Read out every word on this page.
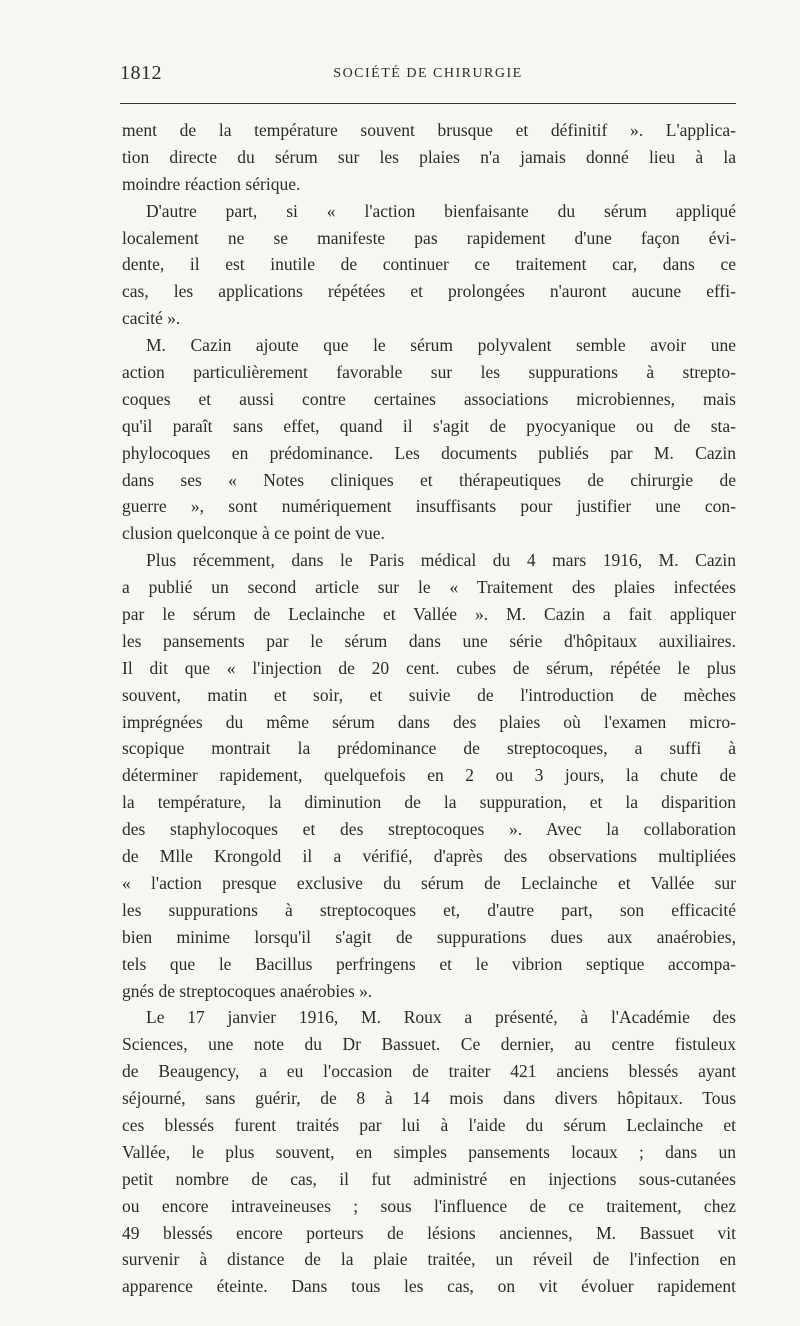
1812	SOCIÉTÉ DE CHIRURGIE
ment de la température souvent brusque et définitif ». L'applica-
tion directe du sérum sur les plaies n'a jamais donné lieu à la
moindre réaction sérique.
D'autre part, si « l'action bienfaisante du sérum appliqué
localement ne se manifeste pas rapidement d'une façon évi-
dente, il est inutile de continuer ce traitement car, dans ce
cas, les applications répétées et prolongées n'auront aucune effi-
cacité ».
M. Cazin ajoute que le sérum polyvalent semble avoir une
action particulièrement favorable sur les suppurations à strepto-
coques et aussi contre certaines associations microbiennes, mais
qu'il paraît sans effet, quand il s'agit de pyocyanique ou de sta-
phylocoques en prédominance. Les documents publiés par M. Cazin
dans ses « Notes cliniques et thérapeutiques de chirurgie de
guerre », sont numériquement insuffisants pour justifier une con-
clusion quelconque à ce point de vue.
Plus récemment, dans le Paris médical du 4 mars 1916, M. Cazin
a publié un second article sur le « Traitement des plaies infectées
par le sérum de Leclainche et Vallée ». M. Cazin a fait appliquer
les pansements par le sérum dans une série d'hôpitaux auxiliaires.
Il dit que « l'injection de 20 cent. cubes de sérum, répétée le plus
souvent, matin et soir, et suivie de l'introduction de mèches
imprégnées du même sérum dans des plaies où l'examen micro-
scopique montrait la prédominance de streptocoques, a suffi à
déterminer rapidement, quelquefois en 2 ou 3 jours, la chute de
la température, la diminution de la suppuration, et la disparition
des staphylocoques et des streptocoques ». Avec la collaboration
de Mlle Krongold il a vérifié, d'après des observations multipliées
« l'action presque exclusive du sérum de Leclainche et Vallée sur
les suppurations à streptocoques et, d'autre part, son efficacité
bien minime lorsqu'il s'agit de suppurations dues aux anaérobies,
tels que le Bacillus perfringens et le vibrion septique accompa-
gnés de streptocoques anaérobies ».
Le 17 janvier 1916, M. Roux a présenté, à l'Académie des
Sciences, une note du Dr Bassuet. Ce dernier, au centre fistuleux
de Beaugency, a eu l'occasion de traiter 421 anciens blessés ayant
séjourné, sans guérir, de 8 à 14 mois dans divers hôpitaux. Tous
ces blessés furent traités par lui à l'aide du sérum Leclainche et
Vallée, le plus souvent, en simples pansements locaux ; dans un
petit nombre de cas, il fut administré en injections sous-cutanées
ou encore intraveineuses ; sous l'influence de ce traitement, chez
49 blessés encore porteurs de lésions anciennes, M. Bassuet vit
survenir à distance de la plaie traitée, un réveil de l'infection en
apparence éteinte. Dans tous les cas, on vit évoluer rapidement
